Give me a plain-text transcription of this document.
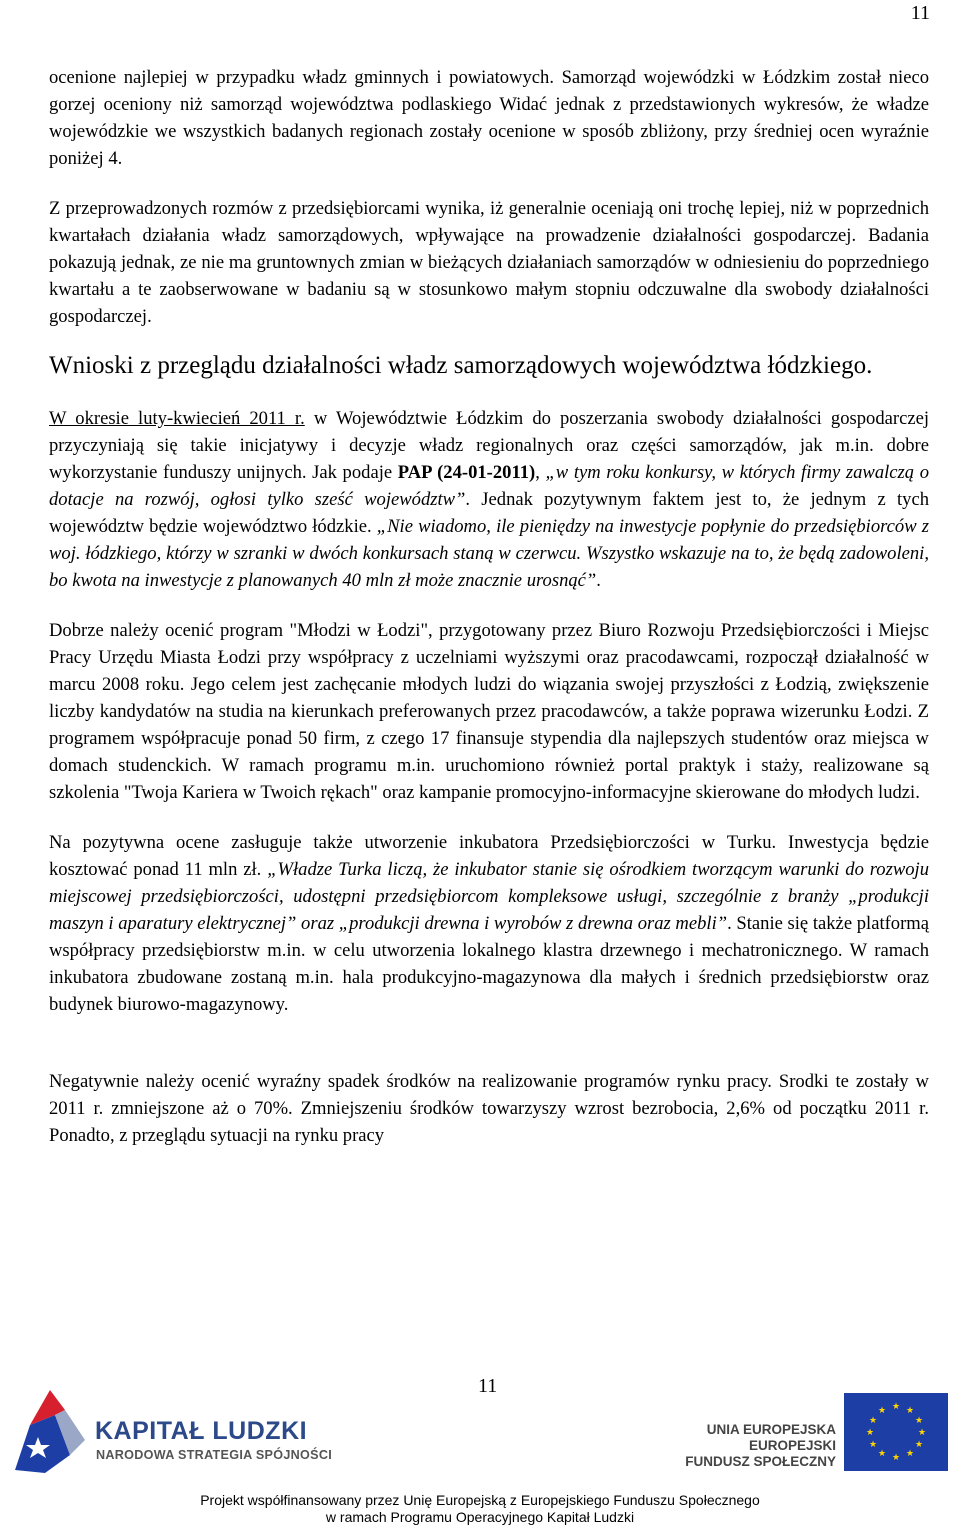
11

ocenione najlepiej w przypadku władz gminnych i powiatowych. Samorząd wojewódzki w Łódzkim został nieco gorzej oceniony niż samorząd województwa podlaskiego Widać jednak z przedstawionych wykresów, że władze wojewódzkie we wszystkich badanych regionach zostały ocenione w sposób zbliżony, przy średniej ocen wyraźnie poniżej 4.

Z przeprowadzonych rozmów z przedsiębiorcami wynika, iż generalnie oceniają oni trochę lepiej, niż w poprzednich kwartałach działania władz samorządowych, wpływające na prowadzenie działalności gospodarczej. Badania pokazują jednak, ze nie ma gruntownych zmian w bieżących działaniach samorządów w odniesieniu do poprzedniego kwartału a te zaobserwowane w badaniu są w stosunkowo małym stopniu odczuwalne dla swobody działalności gospodarczej.

Wnioski z przeglądu działalności władz samorządowych województwa łódzkiego.

W okresie luty-kwiecień 2011 r. w Województwie Łódzkim do poszerzania swobody działalności gospodarczej przyczyniają się takie inicjatywy i decyzje władz regionalnych oraz części samorządów, jak m.in. dobre wykorzystanie funduszy unijnych. Jak podaje PAP (24-01-2011), „w tym roku konkursy, w których firmy zawalczą o dotacje na rozwój, ogłosi tylko sześć województw”. Jednak pozytywnym faktem jest to, że jednym z tych województw będzie województwo łódzkie. „Nie wiadomo, ile pieniędzy na inwestycje popłynie do przedsiębiorców z woj. łódzkiego, którzy w szranki w dwóch konkursach staną w czerwcu. Wszystko wskazuje na to, że będą zadowoleni, bo kwota na inwestycje z planowanych 40 mln zł może znacznie urosnąć”.

Dobrze należy ocenić program "Młodzi w Łodzi", przygotowany przez Biuro Rozwoju Przedsiębiorczości i Miejsc Pracy Urzędu Miasta Łodzi przy współpracy z uczelniami wyższymi oraz pracodawcami, rozpoczął działalność w marcu 2008 roku. Jego celem jest zachęcanie młodych ludzi do wiązania swojej przyszłości z Łodzią, zwiększenie liczby kandydatów na studia na kierunkach preferowanych przez pracodawców, a także poprawa wizerunku Łodzi. Z programem współpracuje ponad 50 firm, z czego 17 finansuje stypendia dla najlepszych studentów oraz miejsca w domach studenckich. W ramach programu m.in. uruchomiono również portal praktyk i staży, realizowane są szkolenia "Twoja Kariera w Twoich rękach" oraz kampanie promocyjno-informacyjne skierowane do młodych ludzi.

Na pozytywna ocene zasługuje także utworzenie inkubatora Przedsiębiorczości w Turku. Inwestycja będzie kosztować ponad 11 mln zł. „Władze Turka liczą, że inkubator stanie się ośrodkiem tworzącym warunki do rozwoju miejscowej przedsiębiorczości, udostępni przedsiębiorcom kompleksowe usługi, szczególnie z branży „produkcji maszyn i aparatury elektrycznej” oraz „produkcji drewna i wyrobów z drewna oraz mebli”. Stanie się także platformą współpracy przedsiębiorstw m.in. w celu utworzenia lokalnego klastra drzewnego i mechatronicznego. W ramach inkubatora zbudowane zostaną m.in. hala produkcyjno-magazynowa dla małych i średnich przedsiębiorstw oraz budynek biurowo-magazynowy.

Negatywnie należy ocenić wyraźny spadek środków na realizowanie programów rynku pracy. Srodki te zostały w 2011 r. zmniejszone aż o 70%. Zmniejszeniu środków towarzyszy wzrost bezrobocia, 2,6% od początku 2011 r. Ponadto, z przeglądu sytuacji na rynku pracy

11
KAPITAŁ LUDZKI
NARODOWA STRATEGIA SPÓJNOŚCI
UNIA EUROPEJSKA
EUROPEJSKI
FUNDUSZ SPOŁECZNY
★ ★
★
★
★
★
★
★
★
★
★
★
Projekt współfinansowany przez Unię Europejską z Europejskiego Funduszu Społecznego
w ramach Programu Operacyjnego Kapitał Ludzki
